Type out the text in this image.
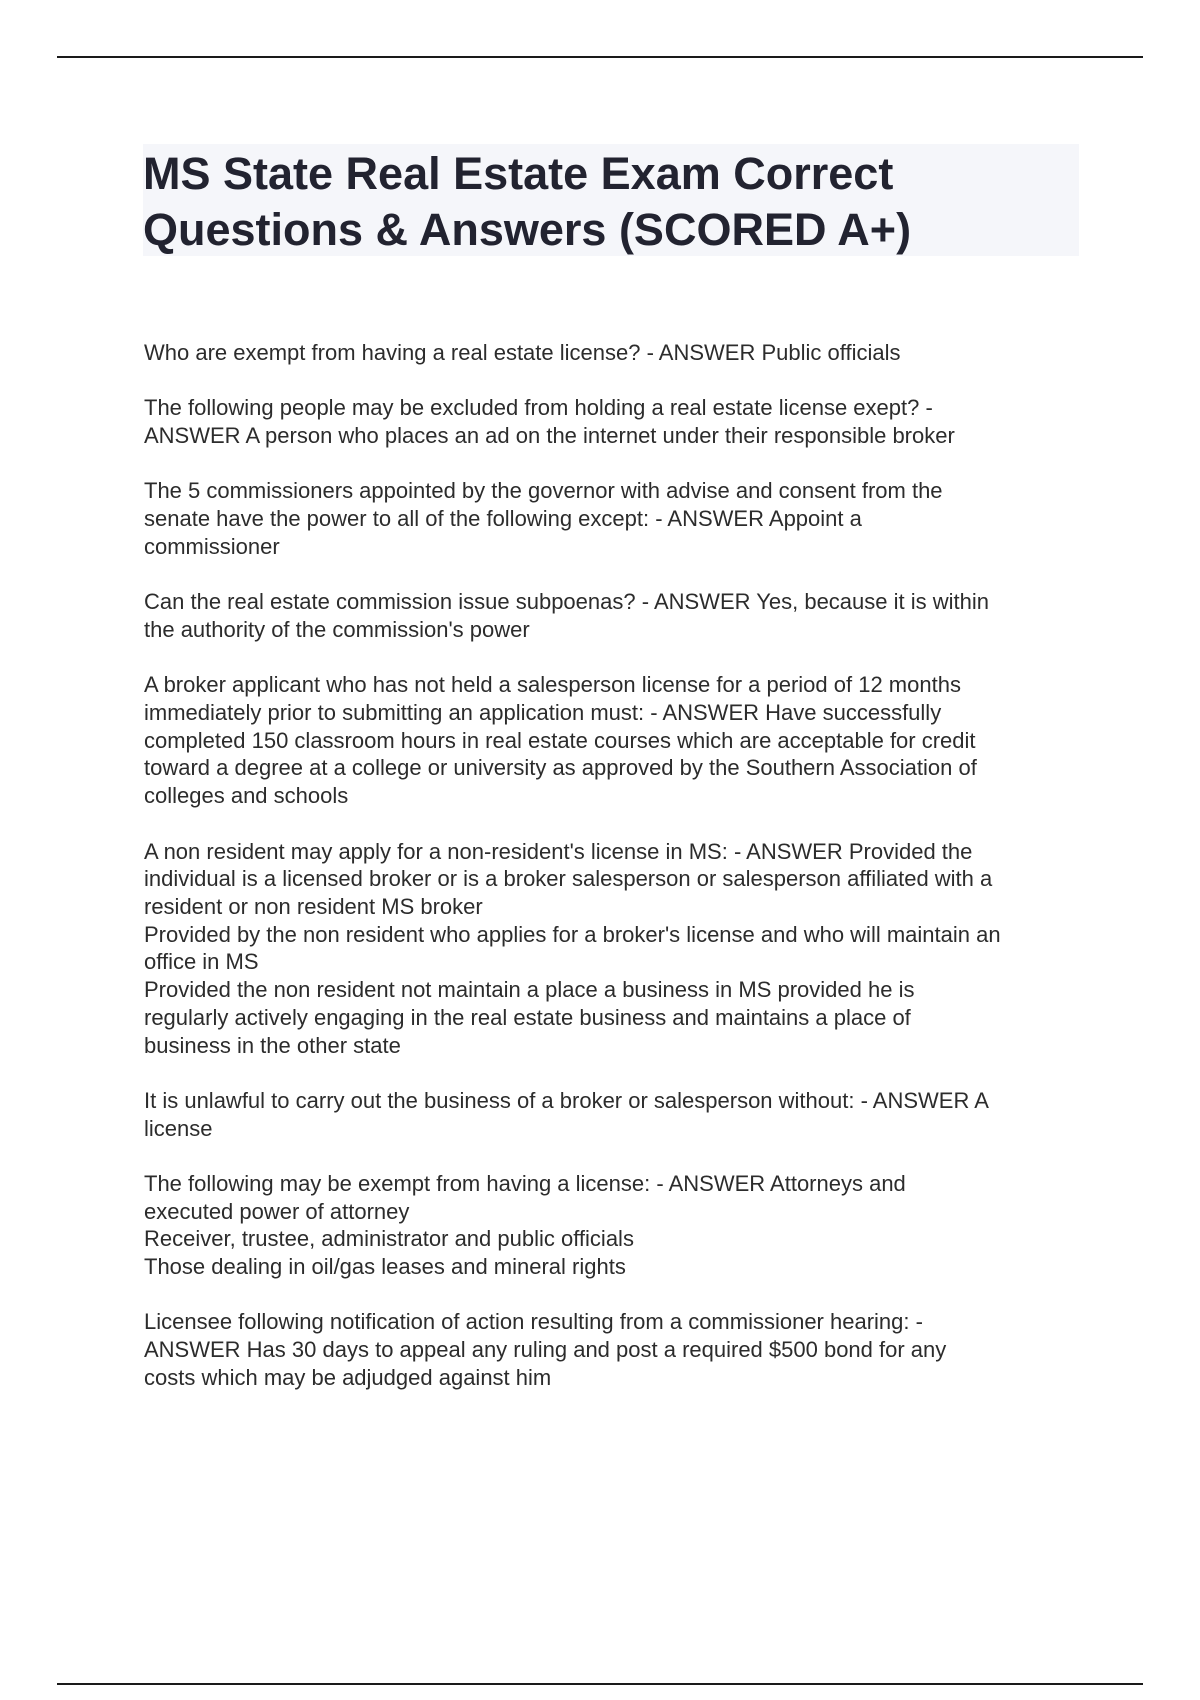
MS State Real Estate Exam Correct
Questions & Answers (SCORED A+)

Who are exempt from having a real estate license? - ANSWER Public officials

The following people may be excluded from holding a real estate license exept? -
ANSWER A person who places an ad on the internet under their responsible broker

The 5 commissioners appointed by the governor with advise and consent from the
senate have the power to all of the following except: - ANSWER Appoint a
commissioner

Can the real estate commission issue subpoenas? - ANSWER Yes, because it is within
the authority of the commission's power

A broker applicant who has not held a salesperson license for a period of 12 months
immediately prior to submitting an application must: - ANSWER Have successfully
completed 150 classroom hours in real estate courses which are acceptable for credit
toward a degree at a college or university as approved by the Southern Association of
colleges and schools

A non resident may apply for a non-resident's license in MS: - ANSWER Provided the
individual is a licensed broker or is a broker salesperson or salesperson affiliated with a
resident or non resident MS broker
Provided by the non resident who applies for a broker's license and who will maintain an
office in MS
Provided the non resident not maintain a place a business in MS provided he is
regularly actively engaging in the real estate business and maintains a place of
business in the other state

It is unlawful to carry out the business of a broker or salesperson without: - ANSWER A
license

The following may be exempt from having a license: - ANSWER Attorneys and
executed power of attorney
Receiver, trustee, administrator and public officials
Those dealing in oil/gas leases and mineral rights

Licensee following notification of action resulting from a commissioner hearing: -
ANSWER Has 30 days to appeal any ruling and post a required $500 bond for any
costs which may be adjudged against him
